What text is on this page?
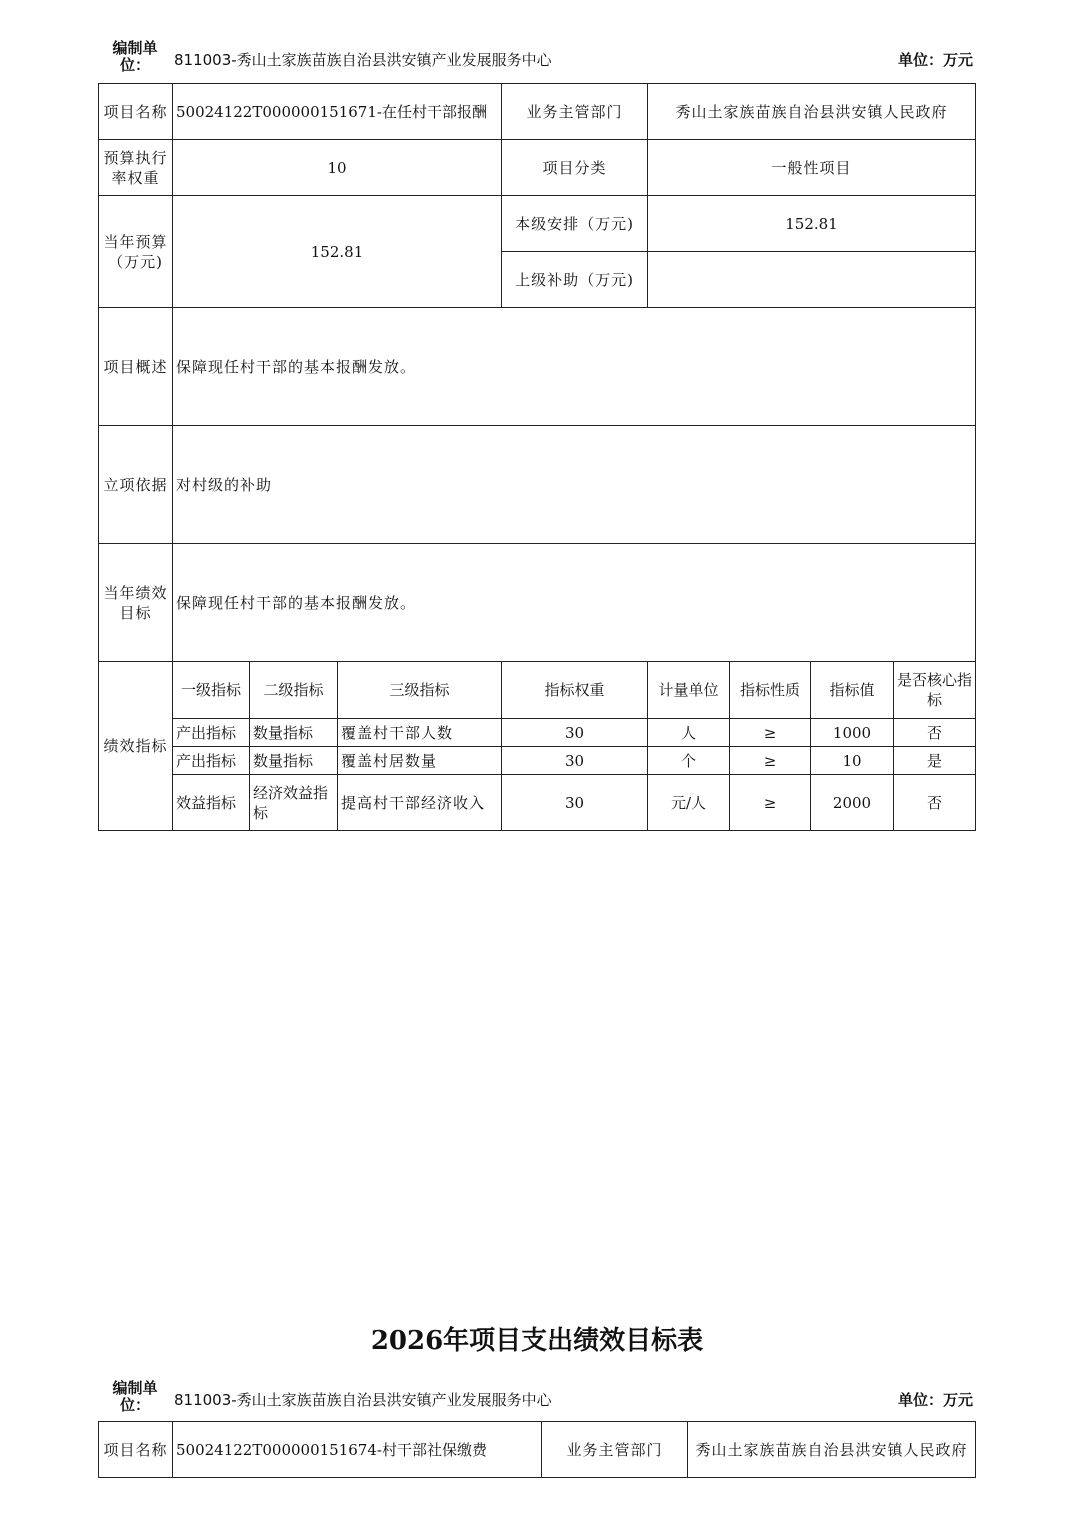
编制单位：	811003-秀山土家族苗族自治县洪安镇产业发展服务中心	单位：万元
项目名称	50024122T000000151671-在任村干部报酬			业务主管部门	秀山土家族苗族自治县洪安镇人民政府			
预算执行率权重	10			项目分类	一般性项目			
当年预算（万元)	152.81			本级安排（万元)	152.81			
				上级补助（万元)				
项目概述	保障现任村干部的基本报酬发放。							
立项依据	对村级的补助							
当年绩效目标	保障现任村干部的基本报酬发放。							
绩效指标	一级指标	二级指标	三级指标	指标权重	计量单位	指标性质	指标值	是否核心指标
	产出指标	数量指标	覆盖村干部人数	30	人	≥	1000	否
	产出指标	数量指标	覆盖村居数量	30	个	≥	10	是
	效益指标	经济效益指标	提高村干部经济收入	30	元/人	≥	2000	否
2026年项目支出绩效目标表
编制单位：	811003-秀山土家族苗族自治县洪安镇产业发展服务中心	单位：万元
项目名称	50024122T000000151674-村干部社保缴费	业务主管部门	秀山土家族苗族自治县洪安镇人民政府
